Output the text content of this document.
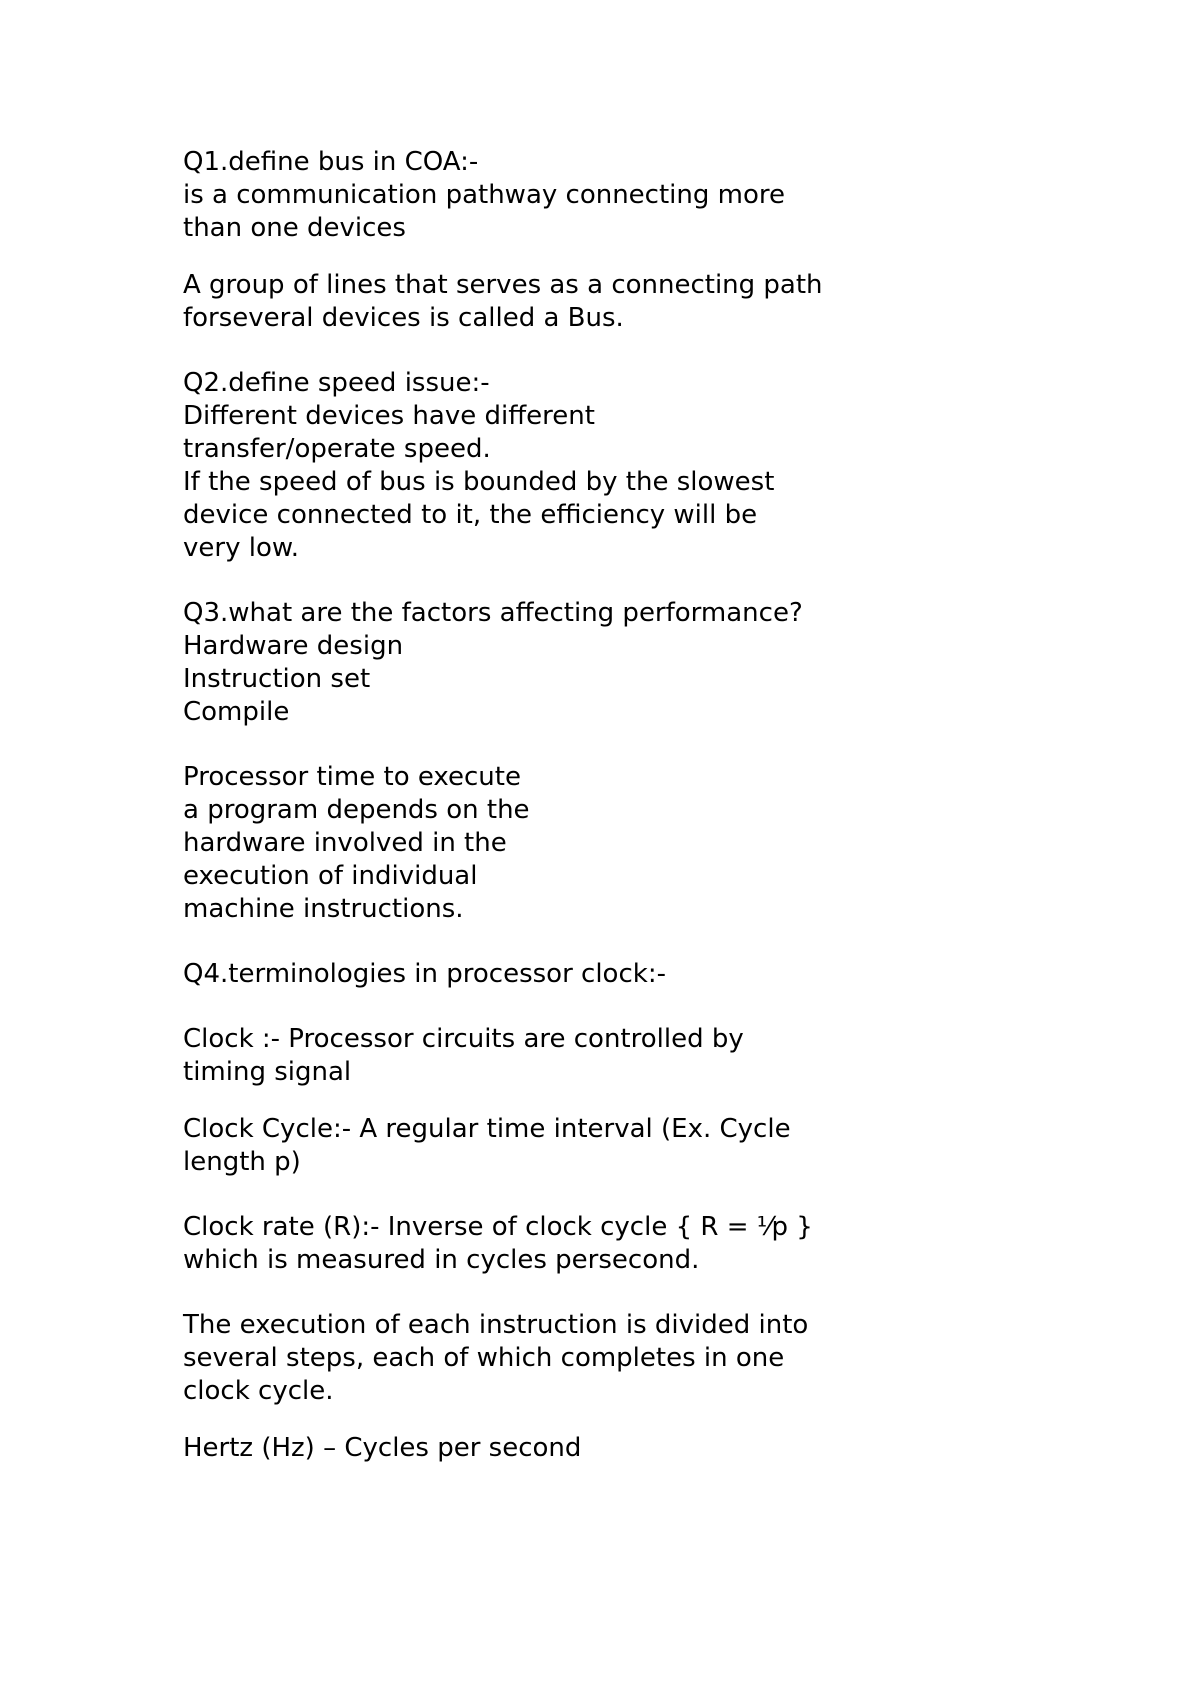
Q1.define bus in COA:-

is a communication pathway connecting more

than one devices

A group of lines that serves as a connecting path

forseveral devices is called a Bus.

Q2.define speed issue:-

Different devices have different

transfer/operate speed.

If the speed of bus is bounded by the slowest

device connected to it, the efficiency will be

very low.

Q3.what are the factors affecting performance?

Hardware design

Instruction set

Compile

Processor time to execute

a program depends on the

hardware involved in the

execution of individual

machine instructions.

Q4.terminologies in processor clock:-

Clock :- Processor circuits are controlled by

timing signal

Clock Cycle:- A regular time interval (Ex. Cycle

length p)

Clock rate (R):- Inverse of clock cycle { R = ⅟p }

which is measured in cycles persecond.

The execution of each instruction is divided into

several steps, each of which completes in one

clock cycle.

Hertz (Hz) – Cycles per second
